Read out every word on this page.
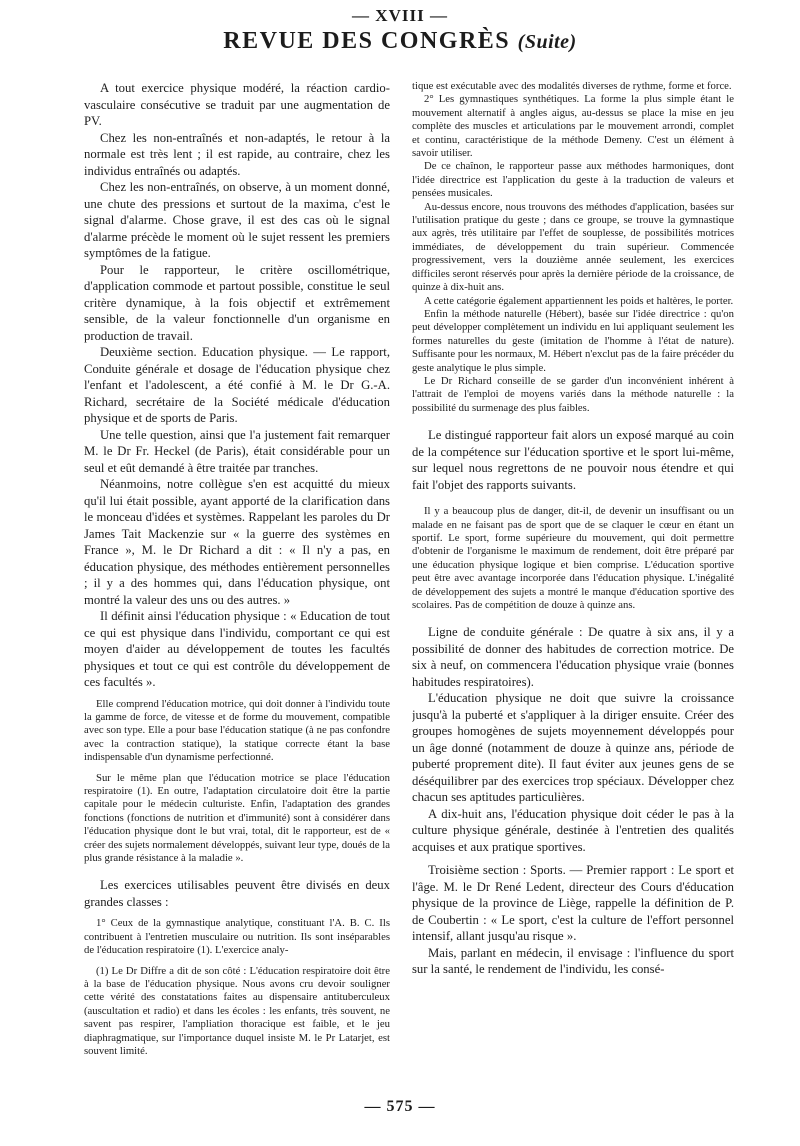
— XVIII —
REVUE DES CONGRÈS (Suite)

A tout exercice physique modéré, la réaction cardio-vasculaire consécutive se traduit par une augmentation de PV.

Chez les non-entraînés et non-adaptés, le retour à la normale est très lent ; il est rapide, au contraire, chez les individus entraînés ou adaptés.

Chez les non-entraînés, on observe, à un moment donné, une chute des pressions et surtout de la maxima, c'est le signal d'alarme. Chose grave, il est des cas où le signal d'alarme précède le moment où le sujet ressent les premiers symptômes de la fatigue.

Pour le rapporteur, le critère oscillométrique, d'application commode et partout possible, constitue le seul critère dynamique, à la fois objectif et extrêmement sensible, de la valeur fonctionnelle d'un organisme en production de travail.

Deuxième section. Education physique. — Le rapport, Conduite générale et dosage de l'éducation physique chez l'enfant et l'adolescent, a été confié à M. le Dr G.-A. Richard, secrétaire de la Société médicale d'éducation physique et de sports de Paris.

Une telle question, ainsi que l'a justement fait remarquer M. le Dr Fr. Heckel (de Paris), était considérable pour un seul et eût demandé à être traitée par tranches.

Néanmoins, notre collègue s'en est acquitté du mieux qu'il lui était possible, ayant apporté de la clarification dans le monceau d'idées et systèmes. Rappelant les paroles du Dr James Tait Mackenzie sur « la guerre des systèmes en France », M. le Dr Richard a dit : « Il n'y a pas, en éducation physique, des méthodes entièrement personnelles ; il y a des hommes qui, dans l'éducation physique, ont montré la valeur des uns ou des autres. »

Il définit ainsi l'éducation physique : « Education de tout ce qui est physique dans l'individu, comportant ce qui est moyen d'aider au développement de toutes les facultés physiques et tout ce qui est contrôle du développement de ces facultés ».

Elle comprend l'éducation motrice, qui doit donner à l'individu toute la gamme de force, de vitesse et de forme du mouvement, compatible avec son type. Elle a pour base l'éducation statique (à ne pas confondre avec la contraction statique), la statique correcte étant la base indispensable d'un dynamisme perfectionné.

Sur le même plan que l'éducation motrice se place l'éducation respiratoire (1). En outre, l'adaptation circulatoire doit être la partie capitale pour le médecin culturiste. Enfin, l'adaptation des grandes fonctions (fonctions de nutrition et d'immunité) sont à considérer dans l'éducation physique dont le but vrai, total, dit le rapporteur, est de « créer des sujets normalement développés, suivant leur type, doués de la plus grande résistance à la maladie ».

Les exercices utilisables peuvent être divisés en deux grandes classes :

1° Ceux de la gymnastique analytique, constituant l'A. B. C. Ils contribuent à l'entretien musculaire ou nutrition. Ils sont inséparables de l'éducation respiratoire (1). L'exercice analy-

(1) Le Dr Diffre a dit de son côté : L'éducation respiratoire doit être à la base de l'éducation physique. Nous avons cru devoir souligner cette vérité des constatations faites au dispensaire antituberculeux (auscultation et radio) et dans les écoles : les enfants, très souvent, ne savent pas respirer, l'ampliation thoracique est faible, et le jeu diaphragmatique, sur l'importance duquel insiste M. le Pr Latarjet, est souvent limité.

tique est exécutable avec des modalités diverses de rythme, forme et force.

2° Les gymnastiques synthétiques. La forme la plus simple étant le mouvement alternatif à angles aigus, au-dessus se place la mise en jeu complète des muscles et articulations par le mouvement arrondi, complet et continu, caractéristique de la méthode Demeny. C'est un élément à savoir utiliser.

De ce chaînon, le rapporteur passe aux méthodes harmoniques, dont l'idée directrice est l'application du geste à la traduction de valeurs et pensées musicales.

Au-dessus encore, nous trouvons des méthodes d'application, basées sur l'utilisation pratique du geste ; dans ce groupe, se trouve la gymnastique aux agrès, très utilitaire par l'effet de souplesse, de possibilités motrices immédiates, de développement du train supérieur. Commencée progressivement, vers la douzième année seulement, les exercices difficiles seront réservés pour après la dernière période de la croissance, de quinze à dix-huit ans.

A cette catégorie également appartiennent les poids et haltères, le porter.

Enfin la méthode naturelle (Hébert), basée sur l'idée directrice : qu'on peut développer complètement un individu en lui appliquant seulement les formes naturelles du geste (imitation de l'homme à l'état de nature). Suffisante pour les normaux, M. Hébert n'exclut pas de la faire précéder du geste analytique le plus simple.

Le Dr Richard conseille de se garder d'un inconvénient inhérent à l'attrait de l'emploi de moyens variés dans la méthode naturelle : la possibilité du surmenage des plus faibles.

Le distingué rapporteur fait alors un exposé marqué au coin de la compétence sur l'éducation sportive et le sport lui-même, sur lequel nous regrettons de ne pouvoir nous étendre et qui fait l'objet des rapports suivants.

Il y a beaucoup plus de danger, dit-il, de devenir un insuffisant ou un malade en ne faisant pas de sport que de se claquer le cœur en étant un sportif. Le sport, forme supérieure du mouvement, qui doit permettre d'obtenir de l'organisme le maximum de rendement, doit être préparé par une éducation physique logique et bien comprise. L'éducation sportive peut être avec avantage incorporée dans l'éducation physique. L'inégalité de développement des sujets a montré le manque d'éducation sportive des scolaires. Pas de compétition de douze à quinze ans.

Ligne de conduite générale : De quatre à six ans, il y a possibilité de donner des habitudes de correction motrice. De six à neuf, on commencera l'éducation physique vraie (bonnes habitudes respiratoires).

L'éducation physique ne doit que suivre la croissance jusqu'à la puberté et s'appliquer à la diriger ensuite. Créer des groupes homogènes de sujets moyennement développés pour un âge donné (notamment de douze à quinze ans, période de puberté proprement dite). Il faut éviter aux jeunes gens de se déséquilibrer par des exercices trop spéciaux. Développer chez chacun ses aptitudes particulières.

A dix-huit ans, l'éducation physique doit céder le pas à la culture physique générale, destinée à l'entretien des qualités acquises et aux pratique sportives.

Troisième section : Sports. — Premier rapport : Le sport et l'âge. M. le Dr René Ledent, directeur des Cours d'éducation physique de la province de Liège, rappelle la définition de P. de Coubertin : « Le sport, c'est la culture de l'effort personnel intensif, allant jusqu'au risque ».

Mais, parlant en médecin, il envisage : l'influence du sport sur la santé, le rendement de l'individu, les consé-

— 575 —
